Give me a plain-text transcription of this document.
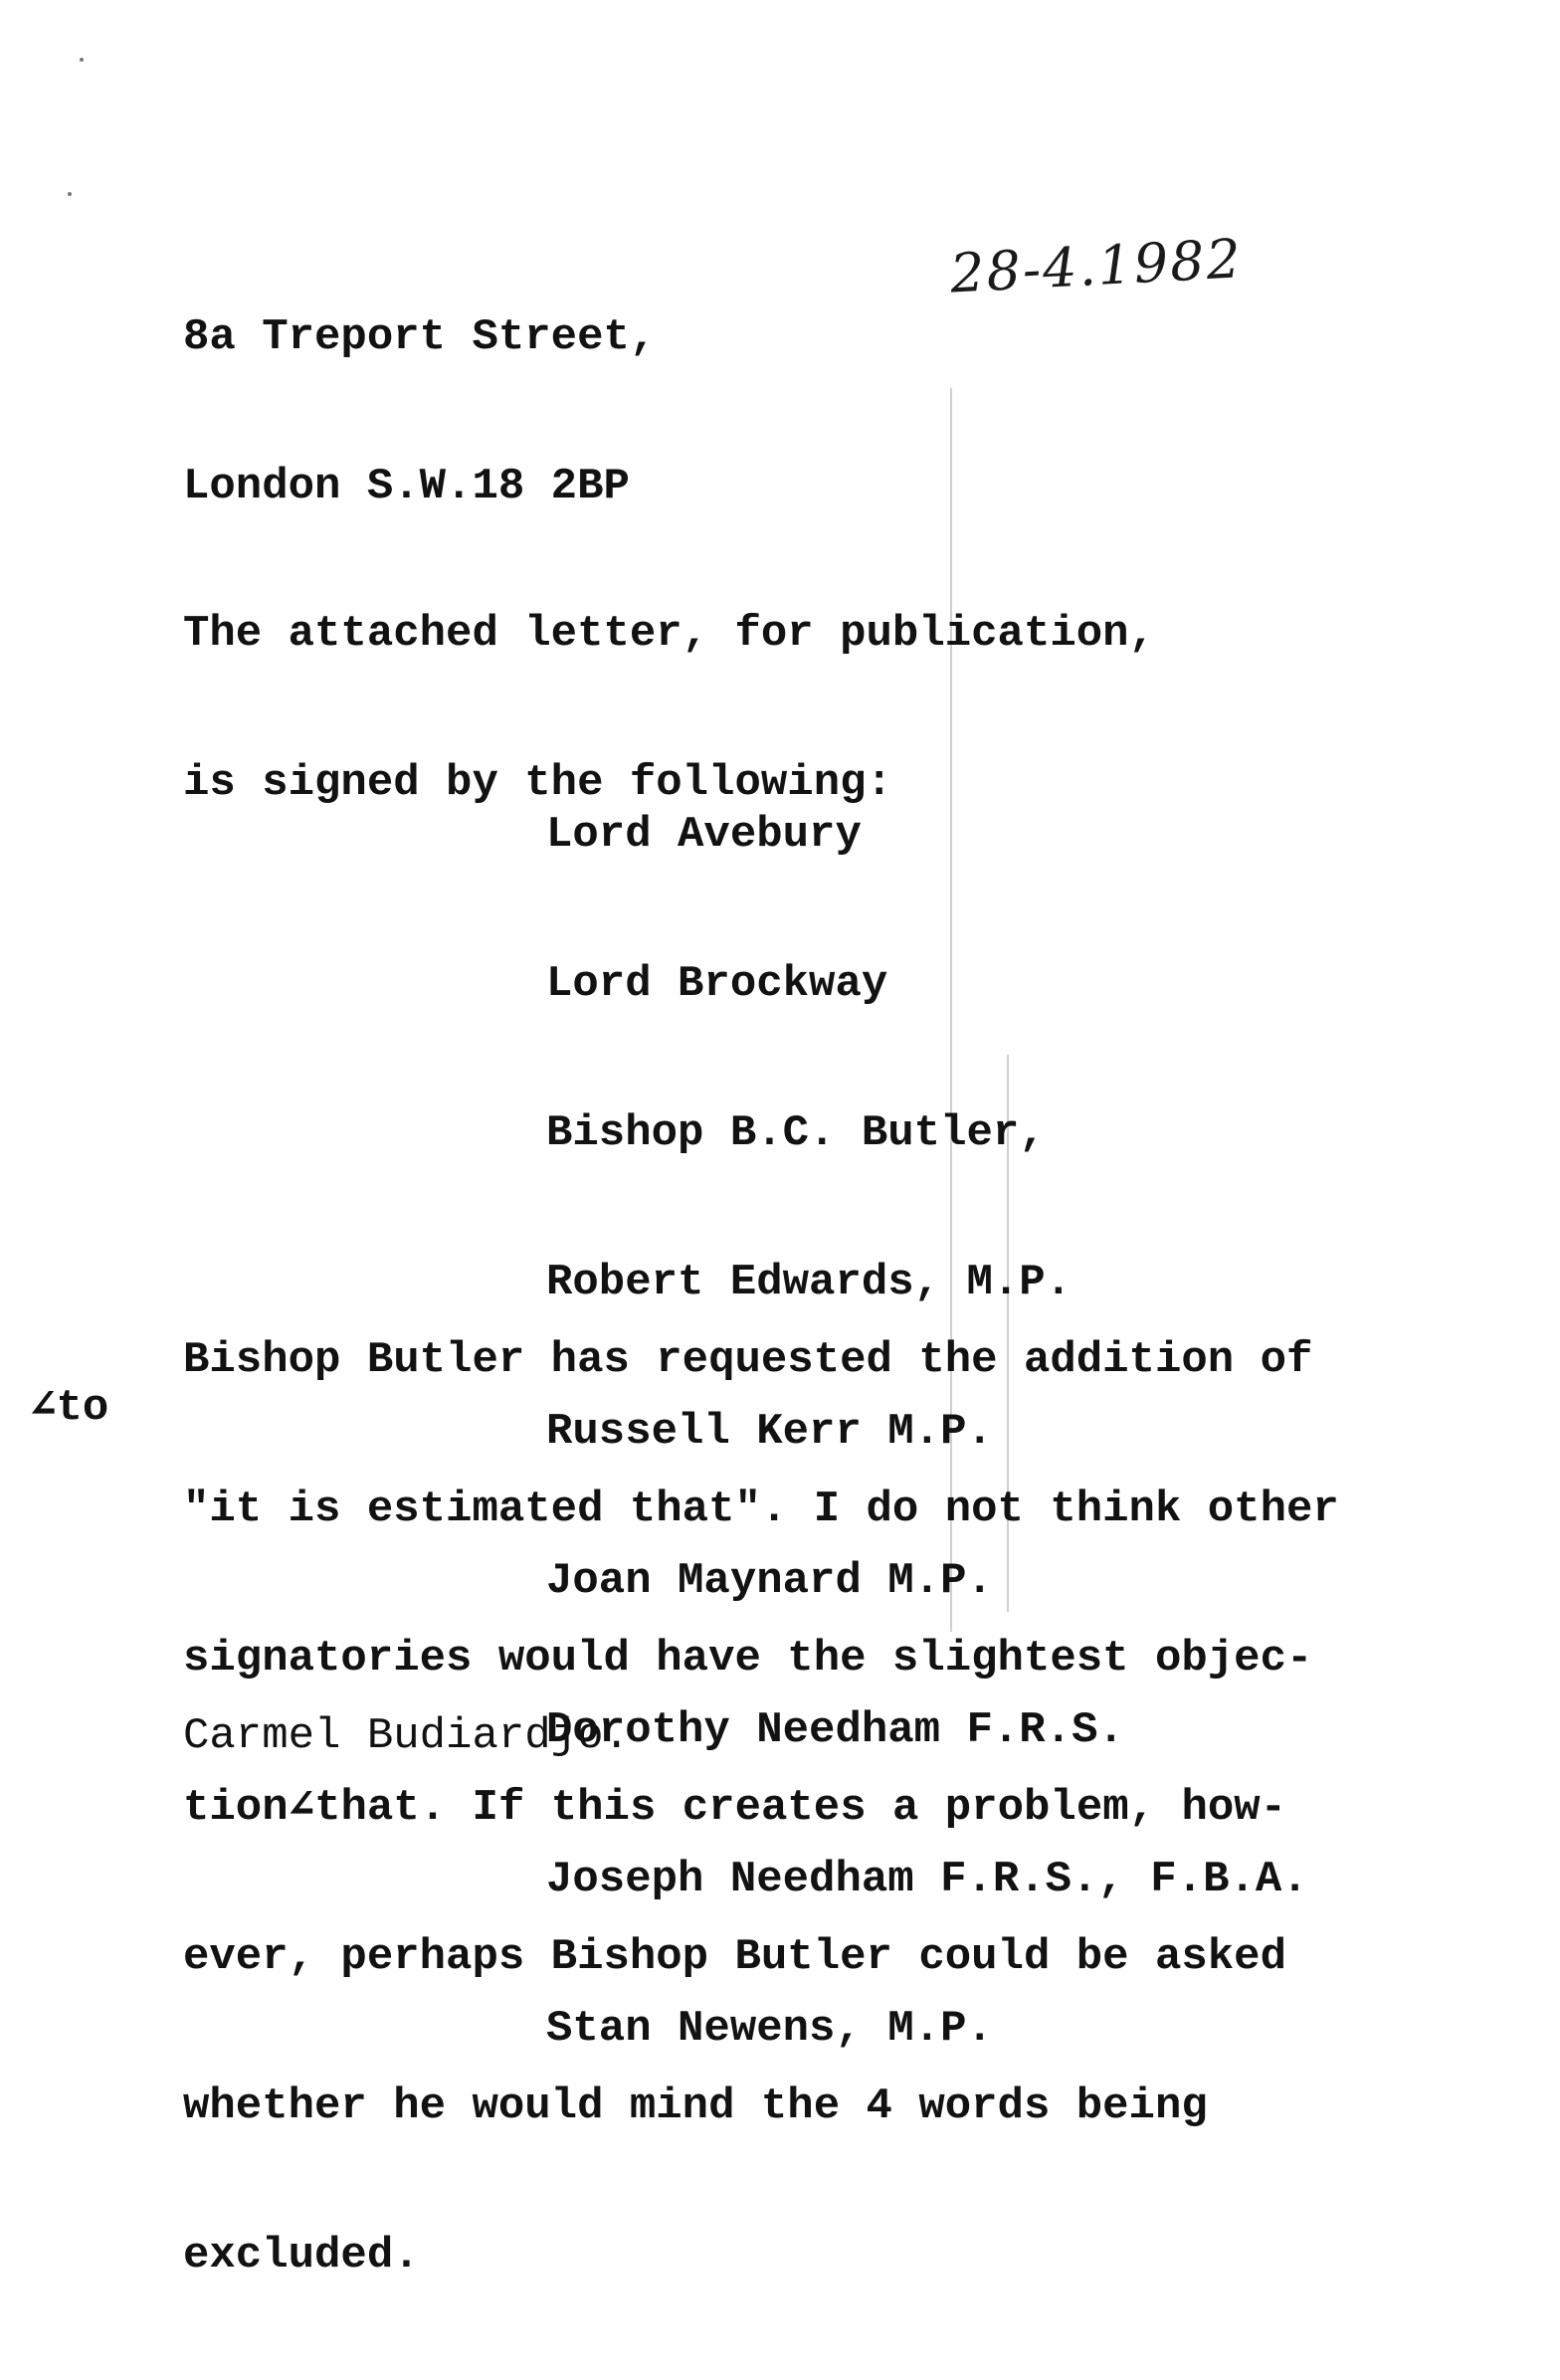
8a Treport Street,

London S.W.18 2BP

28-4.1982

The attached letter, for publication,

is signed by the following:

Lord Avebury

Lord Brockway

Bishop B.C. Butler,

Robert Edwards, M.P.

Russell Kerr M.P.

Joan Maynard M.P.

Dorothy Needham F.R.S.

Joseph Needham F.R.S., F.B.A.

Stan Newens, M.P.

∠to

Bishop Butler has requested the addition of

"it is estimated that". I do not think other

signatories would have the slightest objec-

tion∠that. If this creates a problem, how-

ever, perhaps Bishop Butler could be asked

whether he would mind the 4 words being

excluded.

Carmel Budiardjo.
